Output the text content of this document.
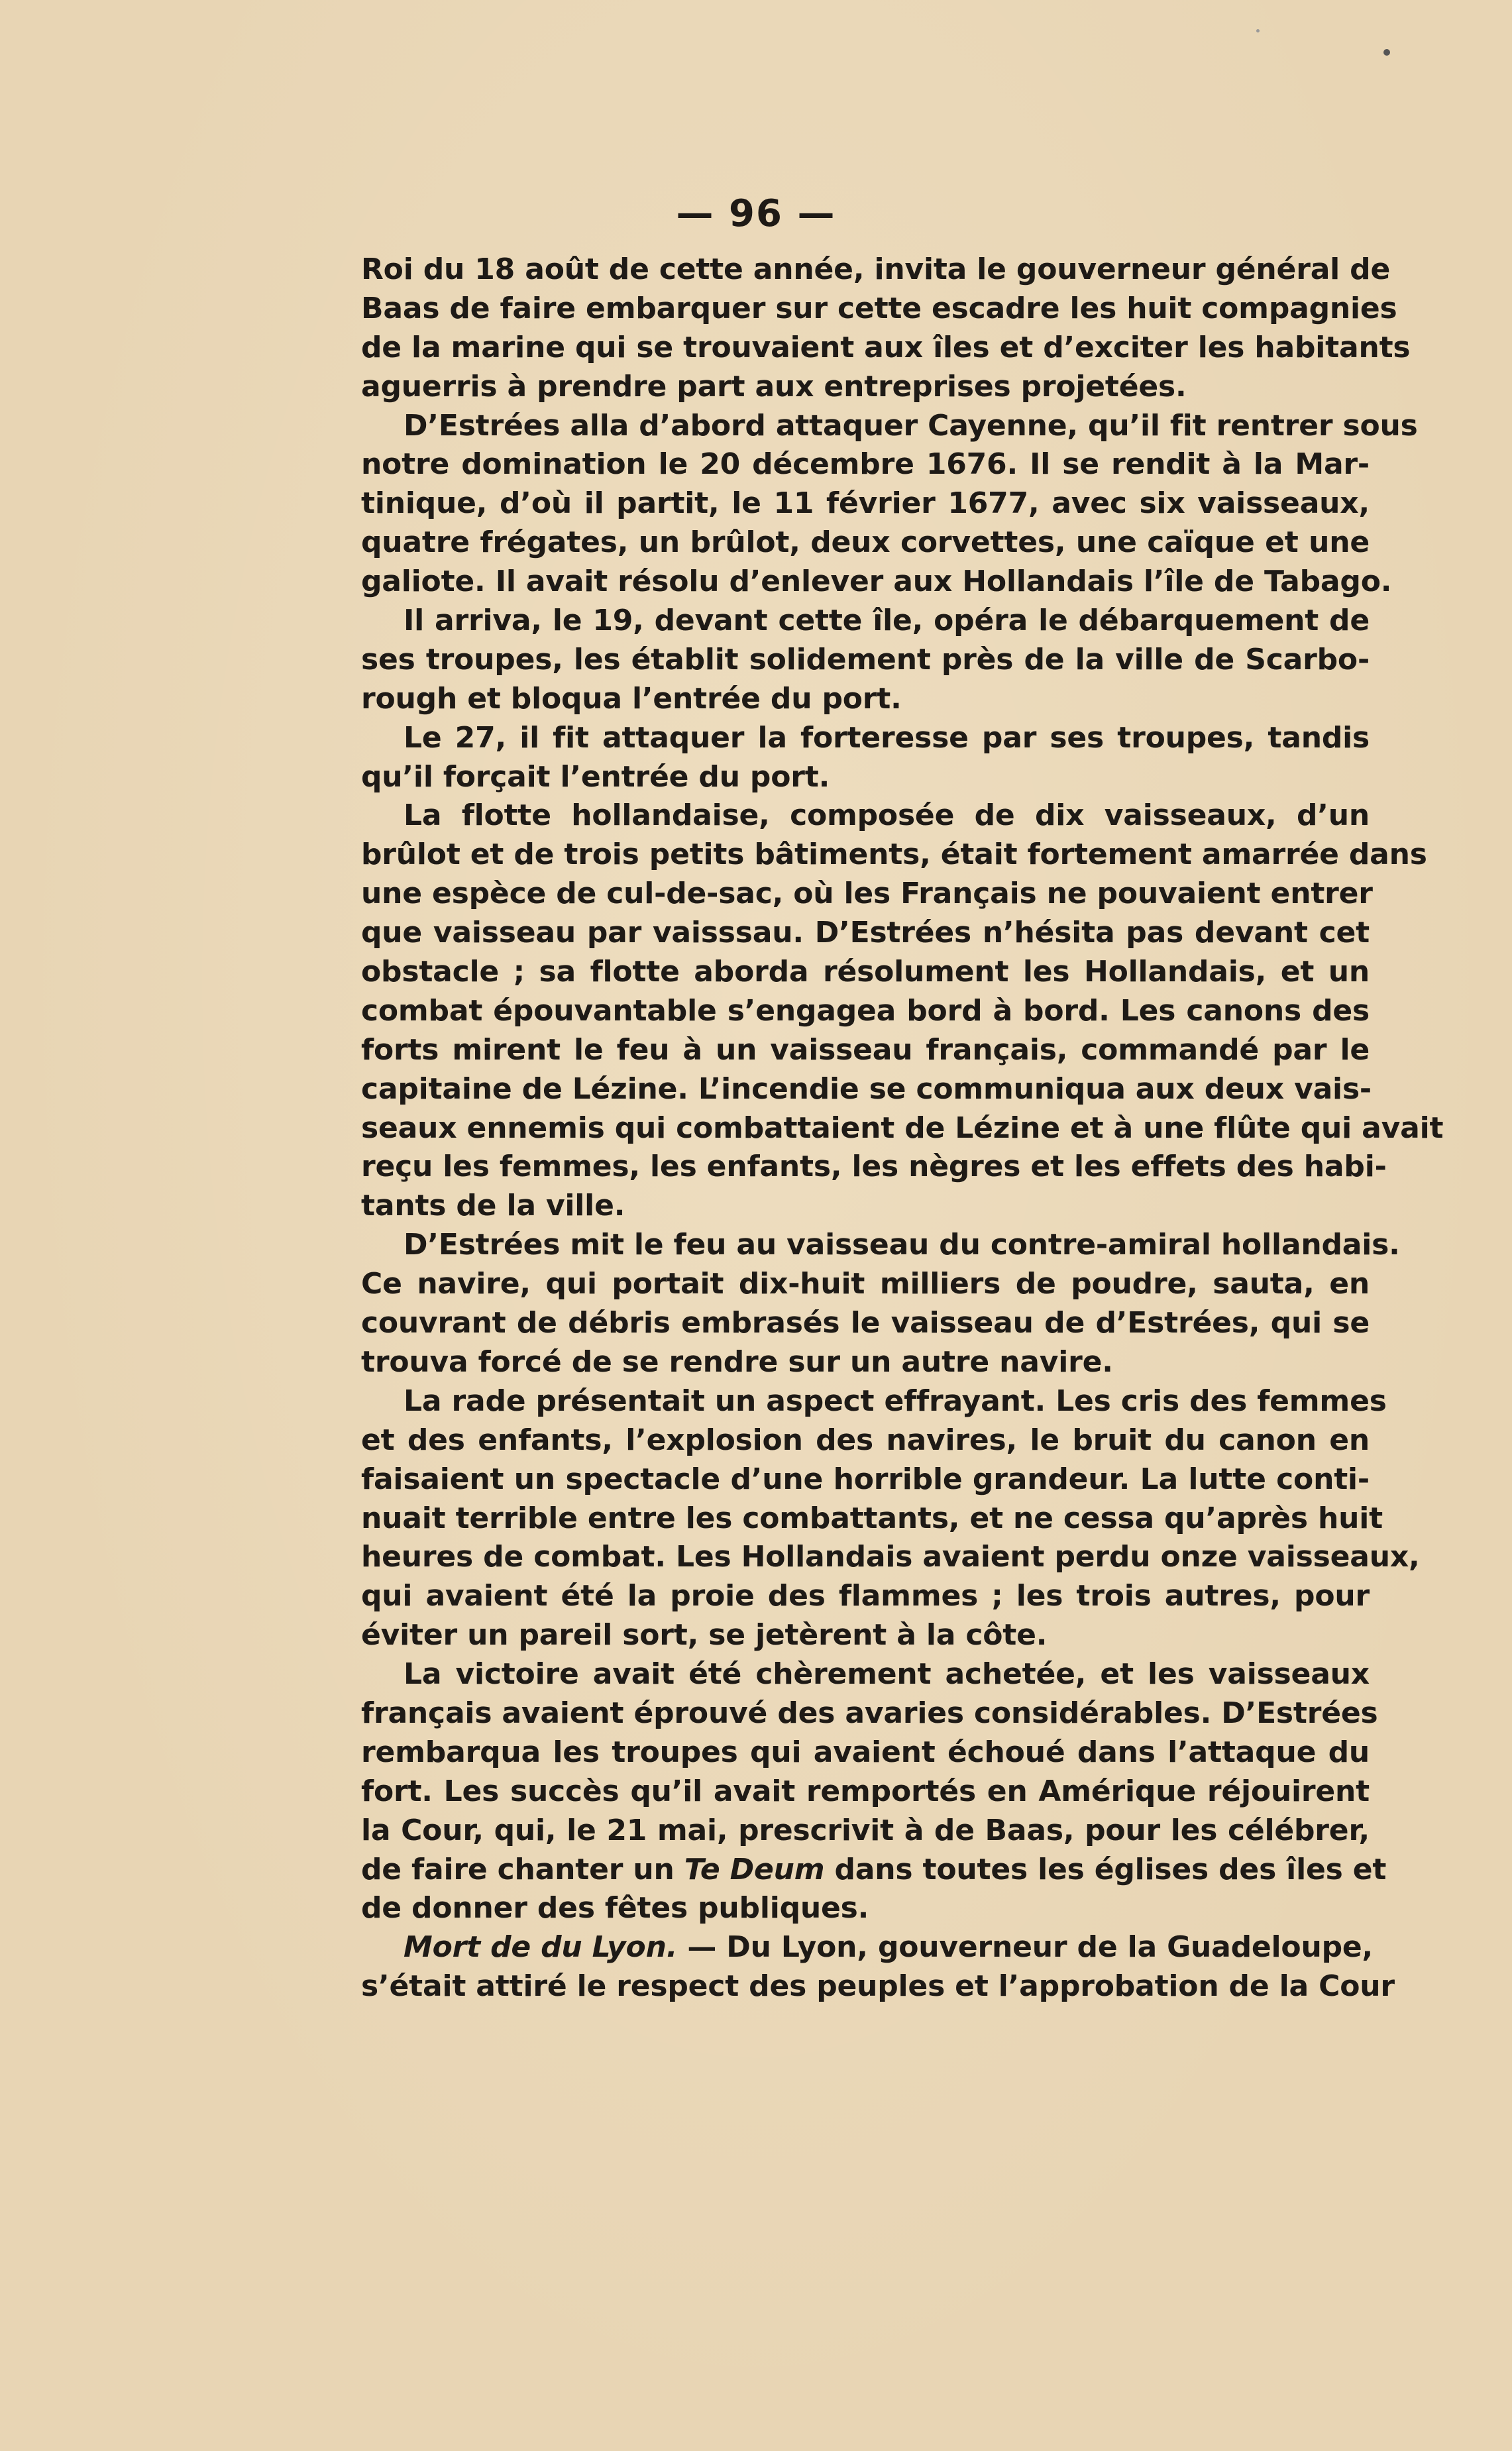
— 96 —
Roi du 18 août de cette année, invita le gouverneur général de
Baas de faire embarquer sur cette escadre les huit compagnies
de la marine qui se trouvaient aux îles et d’exciter les habitants
aguerris à prendre part aux entreprises projetées.
D’Estrées alla d’abord attaquer Cayenne, qu’il fit rentrer sous
notre domination le 20 décembre 1676. Il se rendit à la Mar-
tinique, d’où il partit, le 11 février 1677, avec six vaisseaux,
quatre frégates, un brûlot, deux corvettes, une caïque et une
galiote. Il avait résolu d’enlever aux Hollandais l’île de Tabago.
Il arriva, le 19, devant cette île, opéra le débarquement de
ses troupes, les établit solidement près de la ville de Scarbo-
rough et bloqua l’entrée du port.
Le 27, il fit attaquer la forteresse par ses troupes, tandis
qu’il forçait l’entrée du port.
La flotte hollandaise, composée de dix vaisseaux, d’un
brûlot et de trois petits bâtiments, était fortement amarrée dans
une espèce de cul-de-sac, où les Français ne pouvaient entrer
que vaisseau par vaisssau. D’Estrées n’hésita pas devant cet
obstacle ; sa flotte aborda résolument les Hollandais, et un
combat épouvantable s’engagea bord à bord. Les canons des
forts mirent le feu à un vaisseau français, commandé par le
capitaine de Lézine. L’incendie se communiqua aux deux vais-
seaux ennemis qui combattaient de Lézine et à une flûte qui avait
reçu les femmes, les enfants, les nègres et les effets des habi-
tants de la ville.
D’Estrées mit le feu au vaisseau du contre-amiral hollandais.
Ce navire, qui portait dix-huit milliers de poudre, sauta, en
couvrant de débris embrasés le vaisseau de d’Estrées, qui se
trouva forcé de se rendre sur un autre navire.
La rade présentait un aspect effrayant. Les cris des femmes
et des enfants, l’explosion des navires, le bruit du canon en
faisaient un spectacle d’une horrible grandeur. La lutte conti-
nuait terrible entre les combattants, et ne cessa qu’après huit
heures de combat. Les Hollandais avaient perdu onze vaisseaux,
qui avaient été la proie des flammes ; les trois autres, pour
éviter un pareil sort, se jetèrent à la côte.
La victoire avait été chèrement achetée, et les vaisseaux
français avaient éprouvé des avaries considérables. D’Estrées
rembarqua les troupes qui avaient échoué dans l’attaque du
fort. Les succès qu’il avait remportés en Amérique réjouirent
la Cour, qui, le 21 mai, prescrivit à de Baas, pour les célébrer,
de faire chanter un Te Deum dans toutes les églises des îles et
de donner des fêtes publiques.
Mort de du Lyon. — Du Lyon, gouverneur de la Guadeloupe,
s’était attiré le respect des peuples et l’approbation de la Cour
